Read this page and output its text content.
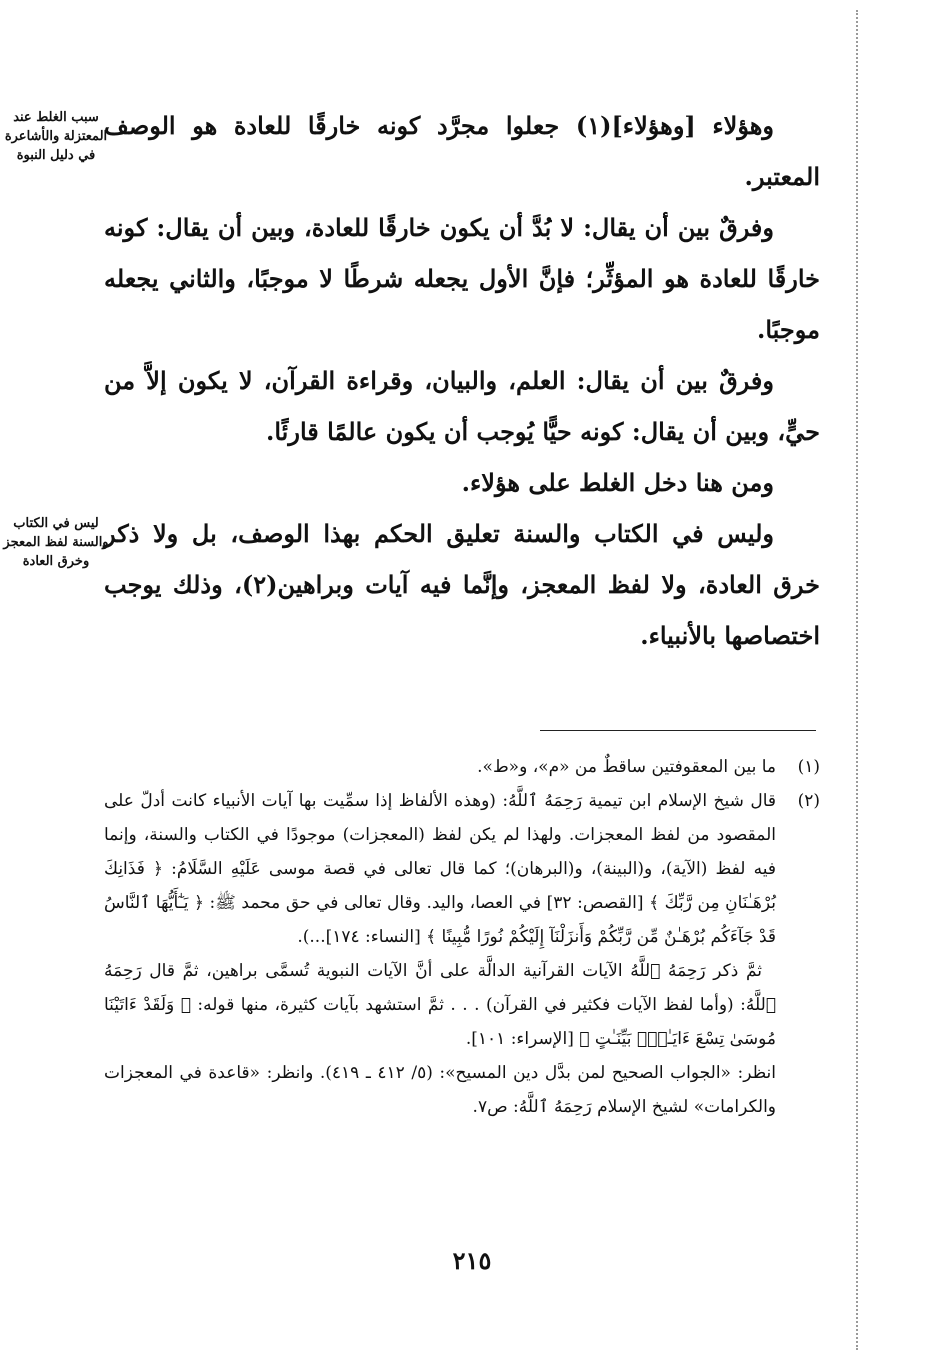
سبب الغلط عند المعتزلة والأشاعرة في دليل النبوة
ليس في الكتاب والسنة لفظ المعجز وخرق العادة

وهؤلاء [وهؤلاء](١) جعلوا مجرَّد كونه خارقًا للعادة هو الوصف المعتبر.

وفرقٌ بين أن يقال: لا بُدَّ أن يكون خارقًا للعادة، وبين أن يقال: كونه خارقًا للعادة هو المؤثِّر؛ فإنَّ الأول يجعله شرطًا لا موجبًا، والثاني يجعله موجبًا.

وفرقٌ بين أن يقال: العلم، والبيان، وقراءة القرآن، لا يكون إلاَّ من حيٍّ، وبين أن يقال: كونه حيًّا يُوجب أن يكون عالمًا قارئًا.

ومن هنا دخل الغلط على هؤلاء.

وليس في الكتاب والسنة تعليق الحكم بهذا الوصف، بل ولا ذكر خرق العادة، ولا لفظ المعجز، وإنَّما فيه آيات وبراهين(٢)، وذلك يوجب اختصاصها بالأنبياء.

(١)

ما بين المعقوفتين ساقطٌ من «م»، و«ط».

(٢)

قال شيخ الإسلام ابن تيمية رَحِمَهُ ٱللَّهُ: (وهذه الألفاظ إذا سمِّيت بها آيات الأنبياء كانت أدلّ على المقصود من لفظ المعجزات. ولهذا لم يكن لفظ (المعجزات) موجودًا في الكتاب والسنة، وإنما فيه لفظ (الآية)، و(البينة)، و(البرهان)؛ كما قال تعالى في قصة موسى عَلَيْهِ السَّلَامُ: ﴿ فَذَانِكَ بُرْهَـٰنَانِ مِن رَّبِّكَ ﴾ [القصص: ٣٢] في العصا، واليد. وقال تعالى في حق محمد ﷺ: ﴿ يَـٰٓأَيُّهَا ٱلنَّاسُ قَدْ جَآءَكُم بُرْهَـٰنٌ مِّن رَّبِّكُمْ وَأَنزَلْنَآ إِلَيْكُمْ نُورًا مُّبِينًا ﴾ [النساء: ١٧٤]...).

ثمَّ ذكر رَحِمَهُ ٱللَّهُ الآيات القرآنية الدالَّة على أنَّ الآيات النبوية تُسمَّى براهين، ثمَّ قال رَحِمَهُ ٱللَّهُ: (وأما لفظ الآيات فكثير في القرآن) . . . ثمَّ استشهد بآيات كثيرة، منها قوله: ﴿ وَلَقَدْ ءَاتَيْنَا مُوسَىٰ تِسْعَ ءَايَـٰتٍۭ بَيِّنَـٰتٍ ﴾ [الإسراء: ١٠١].

انظر: «الجواب الصحيح لمن بدَّل دين المسيح»: (٥/ ٤١٢ ـ ٤١٩). وانظر: «قاعدة في المعجزات والكرامات» لشيخ الإسلام رَحِمَهُ ٱللَّهُ: ص٧.

٢١٥
